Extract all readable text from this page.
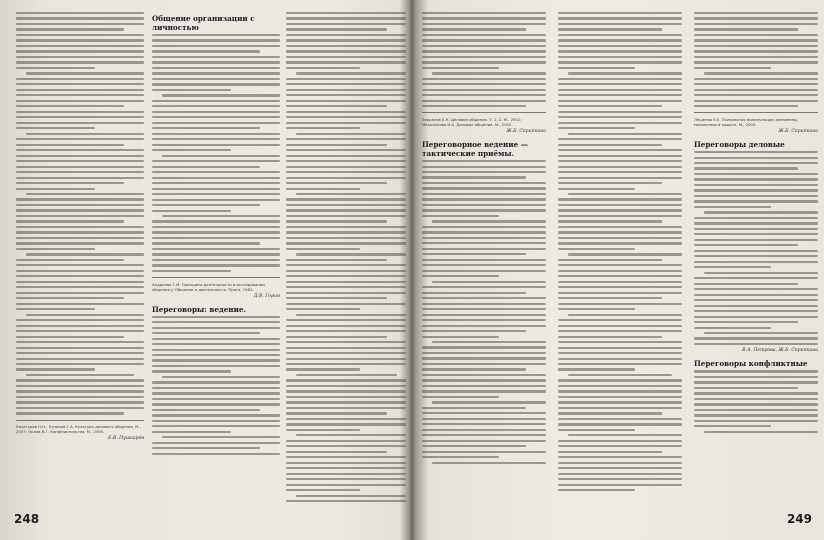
Хачатуров Н.Н., Пучиков Г.А. Культура делового общения. М., 2007; Орлов В.Г. Конфликтология. М., 2005.
Е.В. Пушкарёв
Общение организации с личностью
Андреева Г.М. Принципы деятельности в исследовании общения // Общение и деятельность. Прага, 1981.
Д.В. Горин
Переговоры: ведение.
248
Зеркалов Е.Н. Деловое общение. Т. 1, 2. М., 2002; Мальханова И.А. Деловое общение. М., 2002.
Ж.Б. Скрипкина
Переговорное ведение — тактические приёмы.
Лещенко Е.Е. Психология манипуляции: феномены, механизмы и защита. М., 2000.
Ж.Б. Скрипкина
Переговоры деловые
В.А. Петрова, Ж.Б. Скрипкина
Переговоры конфликтные
249
